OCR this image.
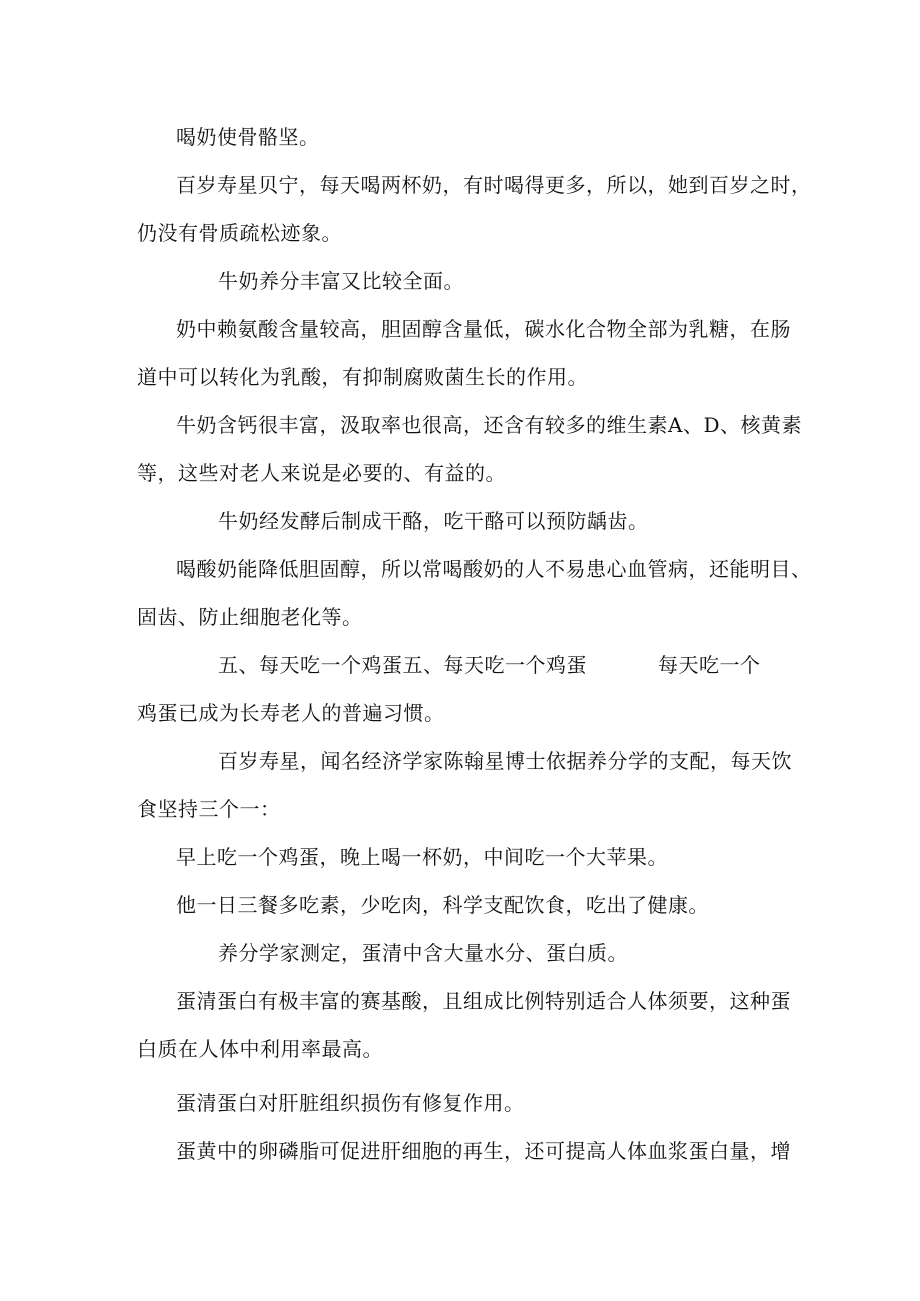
喝奶使骨骼坚。
百岁寿星贝宁，每天喝两杯奶，有时喝得更多，所以，她到百岁之时，
仍没有骨质疏松迹象。
牛奶养分丰富又比较全面。
奶中赖氨酸含量较高，胆固醇含量低，碳水化合物全部为乳糖，在肠
道中可以转化为乳酸，有抑制腐败菌生长的作用。
牛奶含钙很丰富，汲取率也很高，还含有较多的维生素A、D、核黄素
等，这些对老人来说是必要的、有益的。
牛奶经发酵后制成干酪，吃干酪可以预防龋齿。
喝酸奶能降低胆固醇，所以常喝酸奶的人不易患心血管病，还能明目、
固齿、防止细胞老化等。
五、每天吃一个鸡蛋五、每天吃一个鸡蛋	每天吃一个
鸡蛋已成为长寿老人的普遍习惯。
百岁寿星，闻名经济学家陈翰星博士依据养分学的支配，每天饮
食坚持三个一：
早上吃一个鸡蛋，晚上喝一杯奶，中间吃一个大苹果。
他一日三餐多吃素，少吃肉，科学支配饮食，吃出了健康。
养分学家测定，蛋清中含大量水分、蛋白质。
蛋清蛋白有极丰富的赛基酸，且组成比例特别适合人体须要，这种蛋
白质在人体中利用率最高。
蛋清蛋白对肝脏组织损伤有修复作用。
蛋黄中的卵磷脂可促进肝细胞的再生，还可提高人体血浆蛋白量，增
